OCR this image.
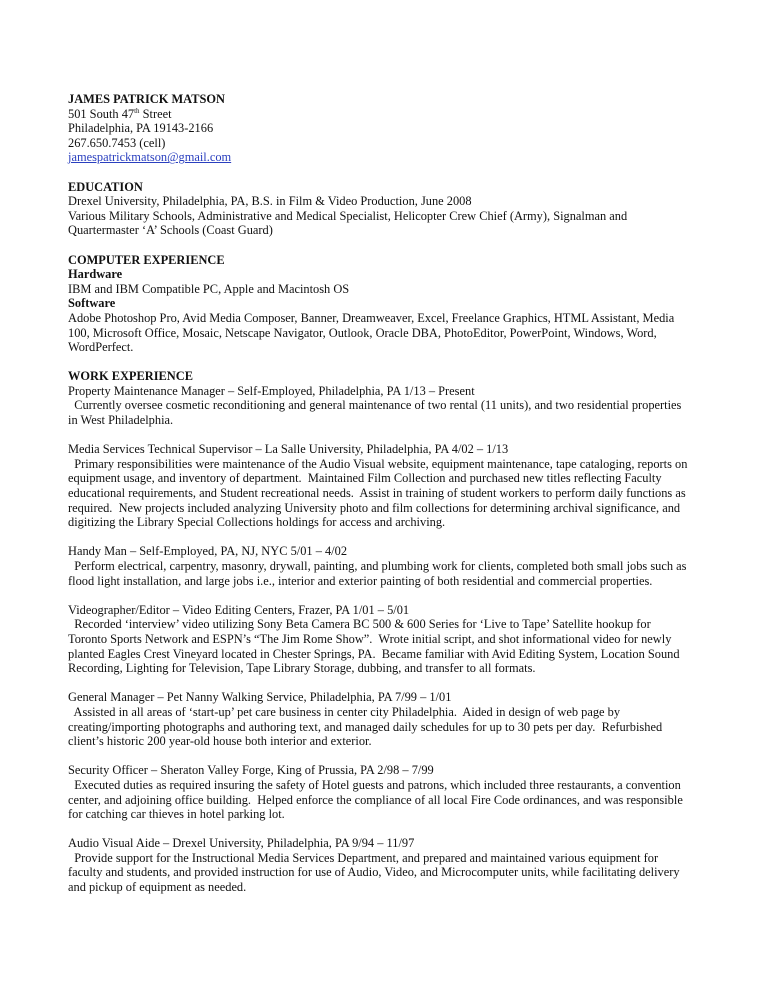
JAMES PATRICK MATSON
501 South 47th Street
Philadelphia, PA 19143-2166
267.650.7453 (cell)
jamespatrickmatson@gmail.com
EDUCATION
Drexel University, Philadelphia, PA, B.S. in Film & Video Production, June 2008
Various Military Schools, Administrative and Medical Specialist, Helicopter Crew Chief (Army), Signalman and
Quartermaster ‘A’ Schools (Coast Guard)
COMPUTER EXPERIENCE
Hardware
IBM and IBM Compatible PC, Apple and Macintosh OS
Software
Adobe Photoshop Pro, Avid Media Composer, Banner, Dreamweaver, Excel, Freelance Graphics, HTML Assistant, Media
100, Microsoft Office, Mosaic, Netscape Navigator, Outlook, Oracle DBA, PhotoEditor, PowerPoint, Windows, Word,
WordPerfect.
WORK EXPERIENCE
Property Maintenance Manager – Self-Employed, Philadelphia, PA 1/13 – Present
Currently oversee cosmetic reconditioning and general maintenance of two rental (11 units), and two residential properties
in West Philadelphia.
Media Services Technical Supervisor – La Salle University, Philadelphia, PA 4/02 – 1/13
Primary responsibilities were maintenance of the Audio Visual website, equipment maintenance, tape cataloging, reports on
equipment usage, and inventory of department.  Maintained Film Collection and purchased new titles reflecting Faculty
educational requirements, and Student recreational needs.  Assist in training of student workers to perform daily functions as
required.  New projects included analyzing University photo and film collections for determining archival significance, and
digitizing the Library Special Collections holdings for access and archiving.
Handy Man – Self-Employed, PA, NJ, NYC 5/01 – 4/02
Perform electrical, carpentry, masonry, drywall, painting, and plumbing work for clients, completed both small jobs such as
flood light installation, and large jobs i.e., interior and exterior painting of both residential and commercial properties.
Videographer/Editor – Video Editing Centers, Frazer, PA 1/01 – 5/01
Recorded ‘interview’ video utilizing Sony Beta Camera BC 500 & 600 Series for ‘Live to Tape’ Satellite hookup for
Toronto Sports Network and ESPN’s “The Jim Rome Show”.  Wrote initial script, and shot informational video for newly
planted Eagles Crest Vineyard located in Chester Springs, PA.  Became familiar with Avid Editing System, Location Sound
Recording, Lighting for Television, Tape Library Storage, dubbing, and transfer to all formats.
General Manager – Pet Nanny Walking Service, Philadelphia, PA 7/99 – 1/01
Assisted in all areas of ‘start-up’ pet care business in center city Philadelphia.  Aided in design of web page by
creating/importing photographs and authoring text, and managed daily schedules for up to 30 pets per day.  Refurbished
client’s historic 200 year-old house both interior and exterior.
Security Officer – Sheraton Valley Forge, King of Prussia, PA 2/98 – 7/99
Executed duties as required insuring the safety of Hotel guests and patrons, which included three restaurants, a convention
center, and adjoining office building.  Helped enforce the compliance of all local Fire Code ordinances, and was responsible
for catching car thieves in hotel parking lot.
Audio Visual Aide – Drexel University, Philadelphia, PA 9/94 – 11/97
Provide support for the Instructional Media Services Department, and prepared and maintained various equipment for
faculty and students, and provided instruction for use of Audio, Video, and Microcomputer units, while facilitating delivery
and pickup of equipment as needed.
